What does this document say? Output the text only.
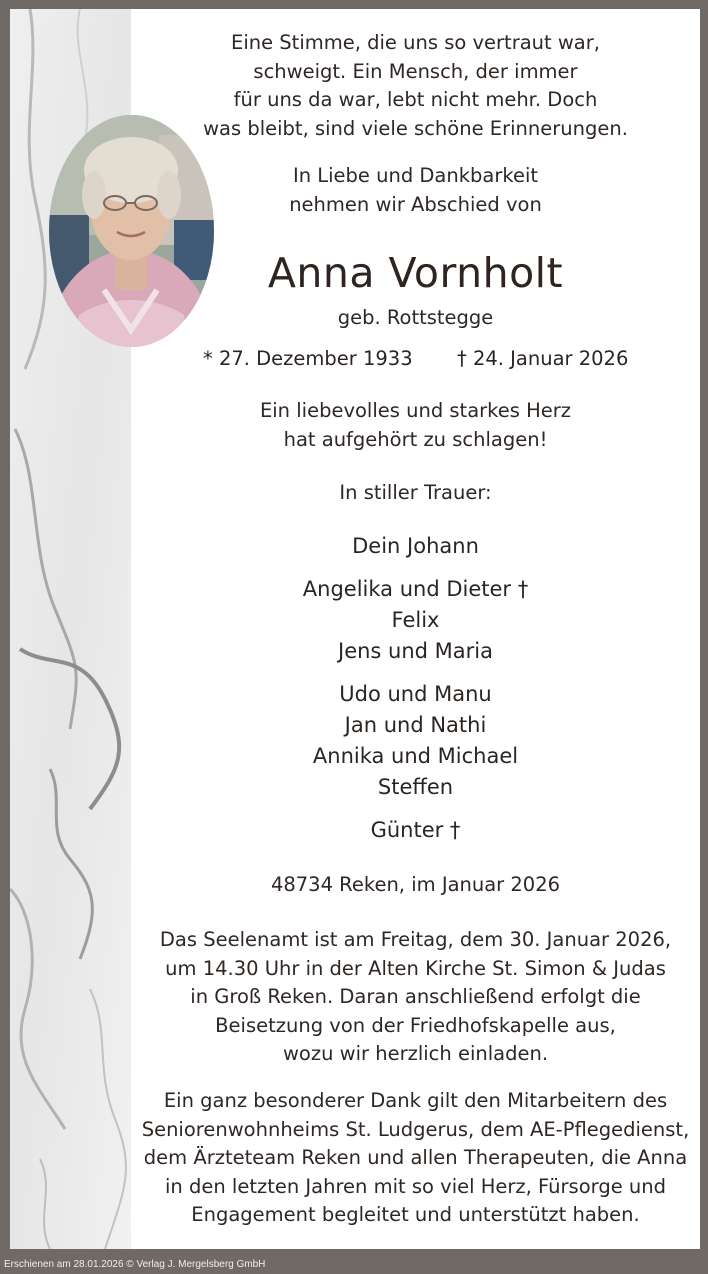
Eine Stimme, die uns so vertraut war,
schweigt. Ein Mensch, der immer
für uns da war, lebt nicht mehr. Doch
was bleibt, sind viele schöne Erinnerungen.
In Liebe und Dankbarkeit
nehmen wir Abschied von
Anna Vornholt
geb. Rottstegge
* 27. Dezember 1933 † 24. Januar 2026
Ein liebevolles und starkes Herz
hat aufgehört zu schlagen!
In stiller Trauer:
Dein Johann
Angelika und Dieter †
Felix
Jens und Maria
Udo und Manu
Jan und Nathi
Annika und Michael
Steffen
Günter †
48734 Reken, im Januar 2026
Das Seelenamt ist am Freitag, dem 30. Januar 2026,
um 14.30 Uhr in der Alten Kirche St. Simon & Judas
in Groß Reken. Daran anschließend erfolgt die
Beisetzung von der Friedhofskapelle aus,
wozu wir herzlich einladen.
Ein ganz besonderer Dank gilt den Mitarbeitern des
Seniorenwohnheims St. Ludgerus, dem AE-Pflegedienst,
dem Ärzteteam Reken und allen Therapeuten, die Anna
in den letzten Jahren mit so viel Herz, Fürsorge und
Engagement begleitet und unterstützt haben.
Erschienen am 28.01.2026 © Verlag J. Mergelsberg GmbH
